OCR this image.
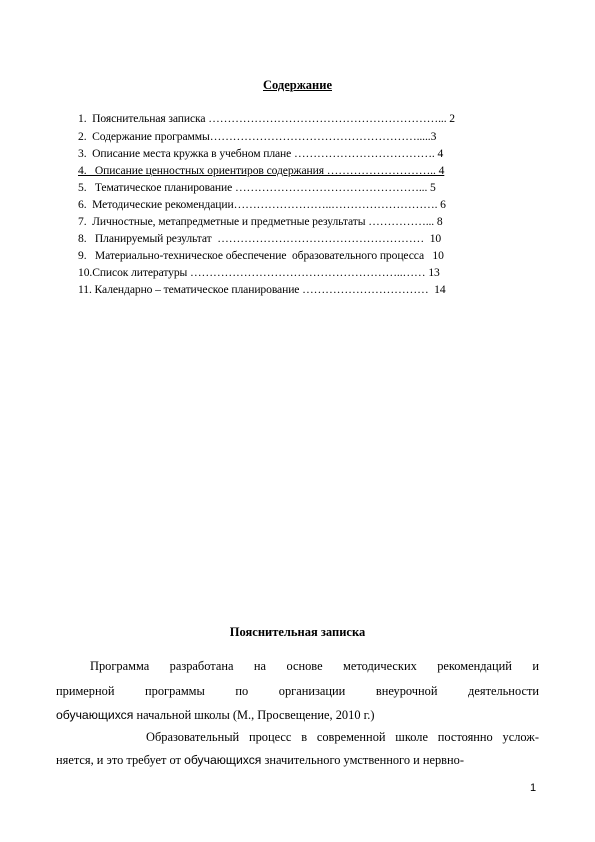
Содержание
1.  Пояснительная записка ……………………………………………………... 2
2.  Содержание программы……………………………………………….....3
3.  Описание места кружка в учебном плане ………………………………. 4
4.   Описание ценностных ориентиров содержания ……………………….. 4
5.   Тематическое планирование …………………………………………... 5
6.  Методические рекомендации……………………..………………………. 6
7.  Личностные, метапредметные и предметные результаты ……………... 8
8.   Планируемый результат  ………………………………………………  10
9.   Материально-техническое обеспечение  образовательного процесса   10
10.Список литературы ………………………………………………..…… 13
11. Календарно – тематическое планирование ……………………………  14
Пояснительная записка
Программа разработана на основе методических рекомендаций и
примерной программы по организации внеурочной деятельности
обучающихся начальной школы (М., Просвещение, 2010 г.)
Образовательный процесс в современной школе постоянно услож-
няется, и это требует от обучающихся значительного умственного и нервно-
1
